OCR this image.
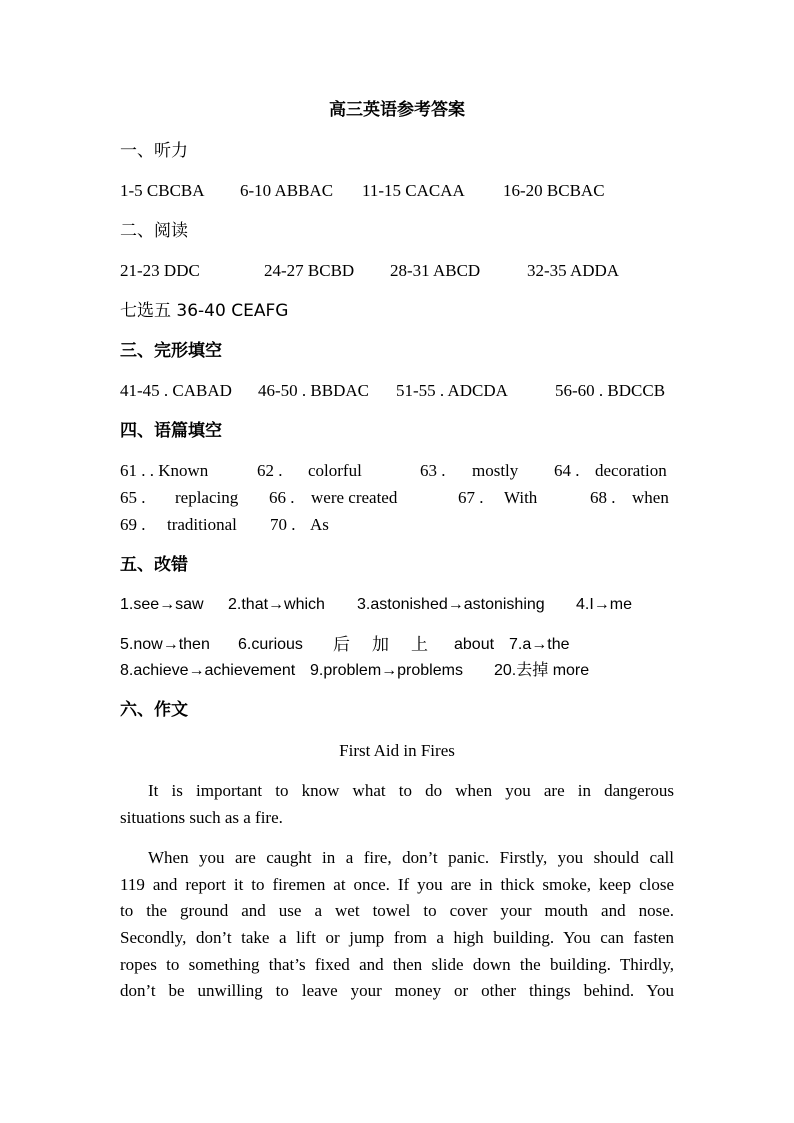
高三英语参考答案
一、听力
1-5 CBCBA 6-10 ABBAC 11-15 CACAA 16-20 BCBAC
二、阅读
21-23 DDC	24-27 BCBD 28-31 ABCD	32-35 ADDA
七选五 36-40 CEAFG
三、完形填空
41-45 . CABAD 46-50 . BBDAC 51-55 . ADCDA	56-60 . BDCCB
四、语篇填空
61 . . Known	62 . colorful	63 . mostly 64 . decoration
65 . replacing 66 . were created	67 . With	68 . when
69 . traditional 70 . As
五、改错
1.see→saw 2.that→which 3.astonished→astonishing 4.I→me
5.now→then 6.curious 后 加 上 about 7.a→the
8.achieve→achievement 9.problem→problems 20.去掉 more
六、作文
First Aid in Fires
It is important to know what to do when you are in dangerous
situations such as a fire.
When you are caught in a fire, don’t panic. Firstly, you should call
119 and report it to firemen at once. If you are in thick smoke, keep close
to the ground and use a wet towel to cover your mouth and nose.
Secondly, don’t take a lift or jump from a high building. You can fasten
ropes to something that’s fixed and then slide down the building. Thirdly,
don’t be unwilling to leave your money or other things behind. You
